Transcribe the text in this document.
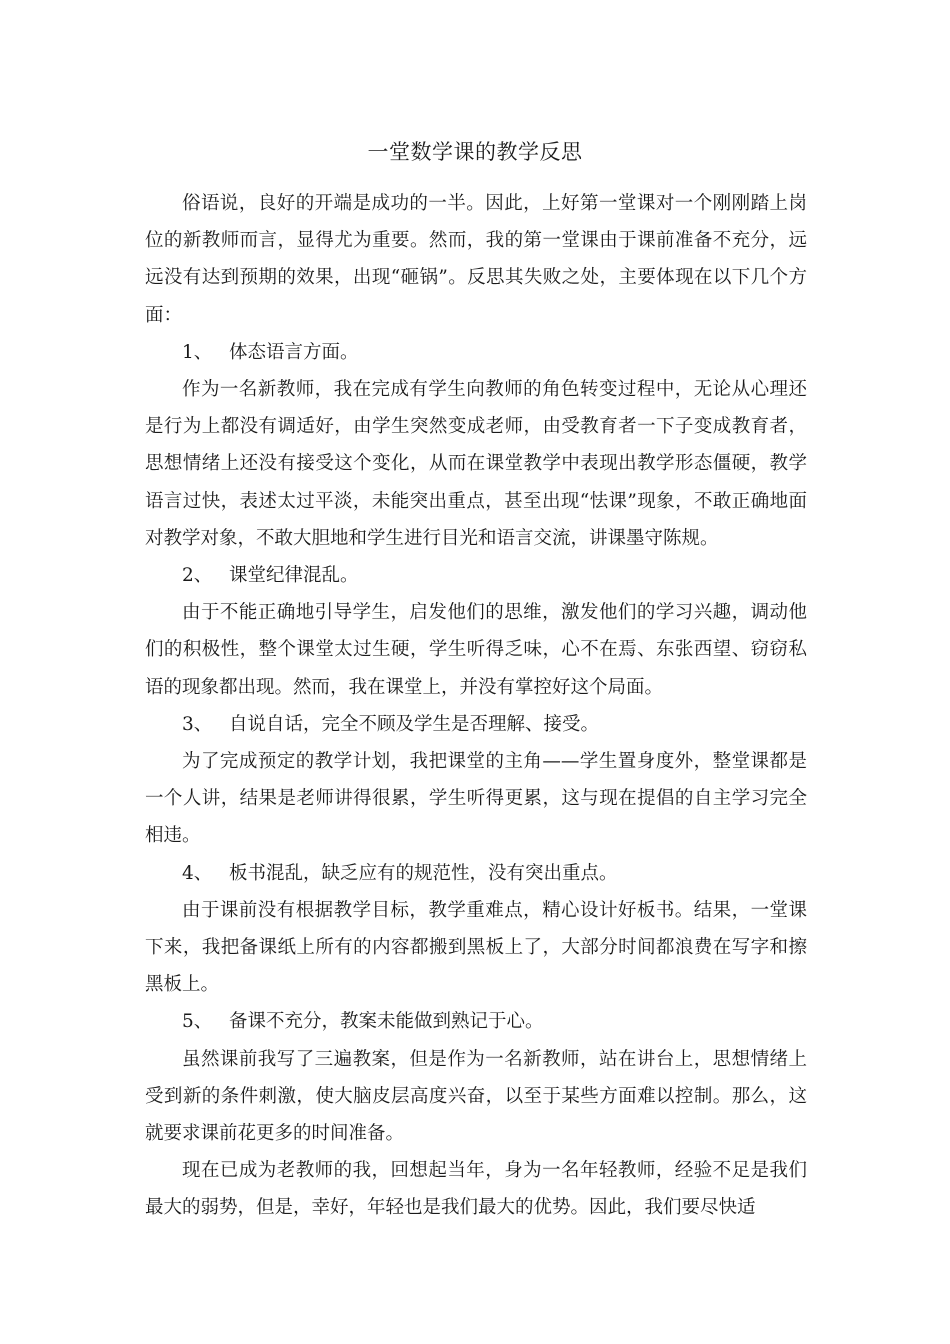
一堂数学课的教学反思

俗语说，良好的开端是成功的一半。因此，上好第一堂课对一个刚刚踏上岗位的新教师而言，显得尤为重要。然而，我的第一堂课由于课前准备不充分，远远没有达到预期的效果，出现“砸锅”。反思其失败之处，主要体现在以下几个方面：

1、 体态语言方面。

作为一名新教师，我在完成有学生向教师的角色转变过程中，无论从心理还是行为上都没有调适好，由学生突然变成老师，由受教育者一下子变成教育者，思想情绪上还没有接受这个变化，从而在课堂教学中表现出教学形态僵硬，教学语言过快，表述太过平淡，未能突出重点，甚至出现“怯课”现象，不敢正确地面对教学对象，不敢大胆地和学生进行目光和语言交流，讲课墨守陈规。

2、 课堂纪律混乱。

由于不能正确地引导学生，启发他们的思维，激发他们的学习兴趣，调动他们的积极性，整个课堂太过生硬，学生听得乏味，心不在焉、东张西望、窃窃私语的现象都出现。然而，我在课堂上，并没有掌控好这个局面。

3、 自说自话，完全不顾及学生是否理解、接受。

为了完成预定的教学计划，我把课堂的主角——学生置身度外，整堂课都是一个人讲，结果是老师讲得很累，学生听得更累，这与现在提倡的自主学习完全相违。

4、 板书混乱，缺乏应有的规范性，没有突出重点。

由于课前没有根据教学目标，教学重难点，精心设计好板书。结果，一堂课下来，我把备课纸上所有的内容都搬到黑板上了，大部分时间都浪费在写字和擦黑板上。

5、 备课不充分，教案未能做到熟记于心。

虽然课前我写了三遍教案，但是作为一名新教师，站在讲台上，思想情绪上受到新的条件刺激，使大脑皮层高度兴奋，以至于某些方面难以控制。那么，这就要求课前花更多的时间准备。

现在已成为老教师的我，回想起当年，身为一名年轻教师，经验不足是我们最大的弱势，但是，幸好，年轻也是我们最大的优势。因此，我们要尽快适
